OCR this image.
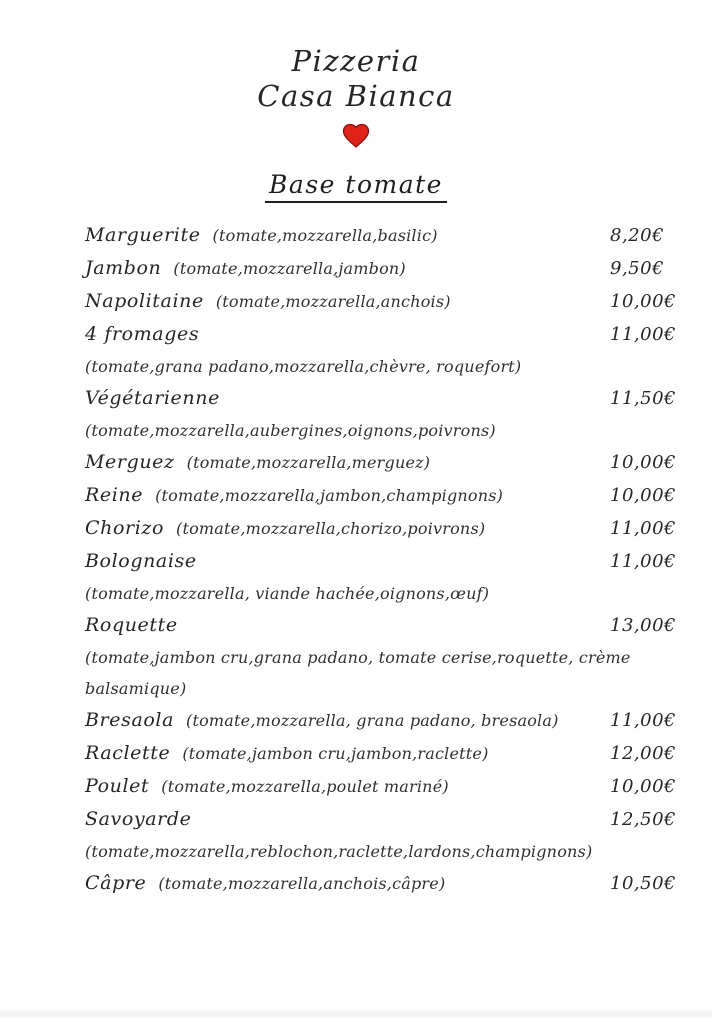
Pizzeria
Casa Bianca
Base tomate
Marguerite (tomate,mozzarella,basilic)	8,20€
Jambon (tomate,mozzarella,jambon)	9,50€
Napolitaine (tomate,mozzarella,anchois)	10,00€
4 fromages	11,00€
(tomate,grana padano,mozzarella,chèvre, roquefort)
Végétarienne	11,50€
(tomate,mozzarella,aubergines,oignons,poivrons)
Merguez (tomate,mozzarella,merguez)	10,00€
Reine (tomate,mozzarella,jambon,champignons)	10,00€
Chorizo (tomate,mozzarella,chorizo,poivrons)	11,00€
Bolognaise	11,00€
(tomate,mozzarella, viande hachée,oignons,œuf)
Roquette	13,00€
(tomate,jambon cru,grana padano, tomate cerise,roquette, crème balsamique)
Bresaola (tomate,mozzarella, grana padano, bresaola)	11,00€
Raclette (tomate,jambon cru,jambon,raclette)	12,00€
Poulet (tomate,mozzarella,poulet mariné)	10,00€
Savoyarde	12,50€
(tomate,mozzarella,reblochon,raclette,lardons,champignons)
Câpre (tomate,mozzarella,anchois,câpre)	10,50€
